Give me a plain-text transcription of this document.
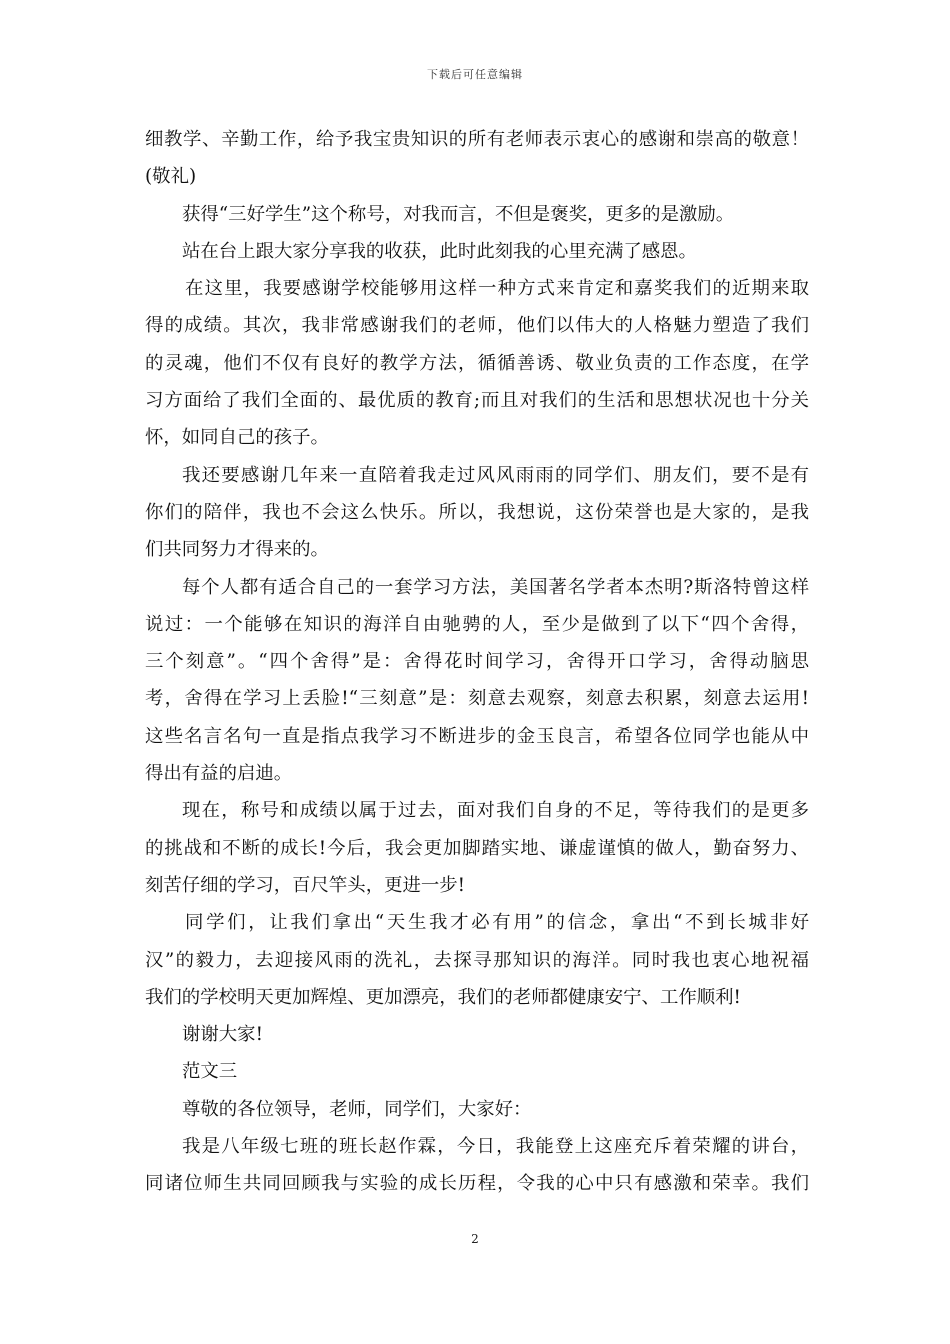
下载后可任意编辑
细教学、辛勤工作，给予我宝贵知识的所有老师表示衷心的感谢和崇高的敬意！
(敬礼)
获得“三好学生”这个称号，对我而言，不但是褒奖，更多的是激励。
站在台上跟大家分享我的收获，此时此刻我的心里充满了感恩。
在这里，我要感谢学校能够用这样一种方式来肯定和嘉奖我们的近期来取
得的成绩。其次，我非常感谢我们的老师，他们以伟大的人格魅力塑造了我们
的灵魂，他们不仅有良好的教学方法，循循善诱、敬业负责的工作态度，在学
习方面给了我们全面的、最优质的教育;而且对我们的生活和思想状况也十分关
怀，如同自己的孩子。
我还要感谢几年来一直陪着我走过风风雨雨的同学们、朋友们，要不是有
你们的陪伴，我也不会这么快乐。所以，我想说，这份荣誉也是大家的，是我
们共同努力才得来的。
每个人都有适合自己的一套学习方法，美国著名学者本杰明?斯洛特曾这样
说过：一个能够在知识的海洋自由驰骋的人，至少是做到了以下“四个舍得，
三个刻意”。“四个舍得”是：舍得花时间学习，舍得开口学习，舍得动脑思
考，舍得在学习上丢脸!“三刻意”是：刻意去观察，刻意去积累，刻意去运用!
这些名言名句一直是指点我学习不断进步的金玉良言，希望各位同学也能从中
得出有益的启迪。
现在，称号和成绩以属于过去，面对我们自身的不足，等待我们的是更多
的挑战和不断的成长!今后，我会更加脚踏实地、谦虚谨慎的做人，勤奋努力、
刻苦仔细的学习，百尺竿头，更进一步!
同学们，让我们拿出“天生我才必有用”的信念，拿出“不到长城非好
汉”的毅力，去迎接风雨的洗礼，去探寻那知识的海洋。同时我也衷心地祝福
我们的学校明天更加辉煌、更加漂亮，我们的老师都健康安宁、工作顺利!
谢谢大家!
范文三
尊敬的各位领导，老师，同学们，大家好：
我是八年级七班的班长赵作霖，今日，我能登上这座充斥着荣耀的讲台，
同诸位师生共同回顾我与实验的成长历程，令我的心中只有感激和荣幸。我们
2
